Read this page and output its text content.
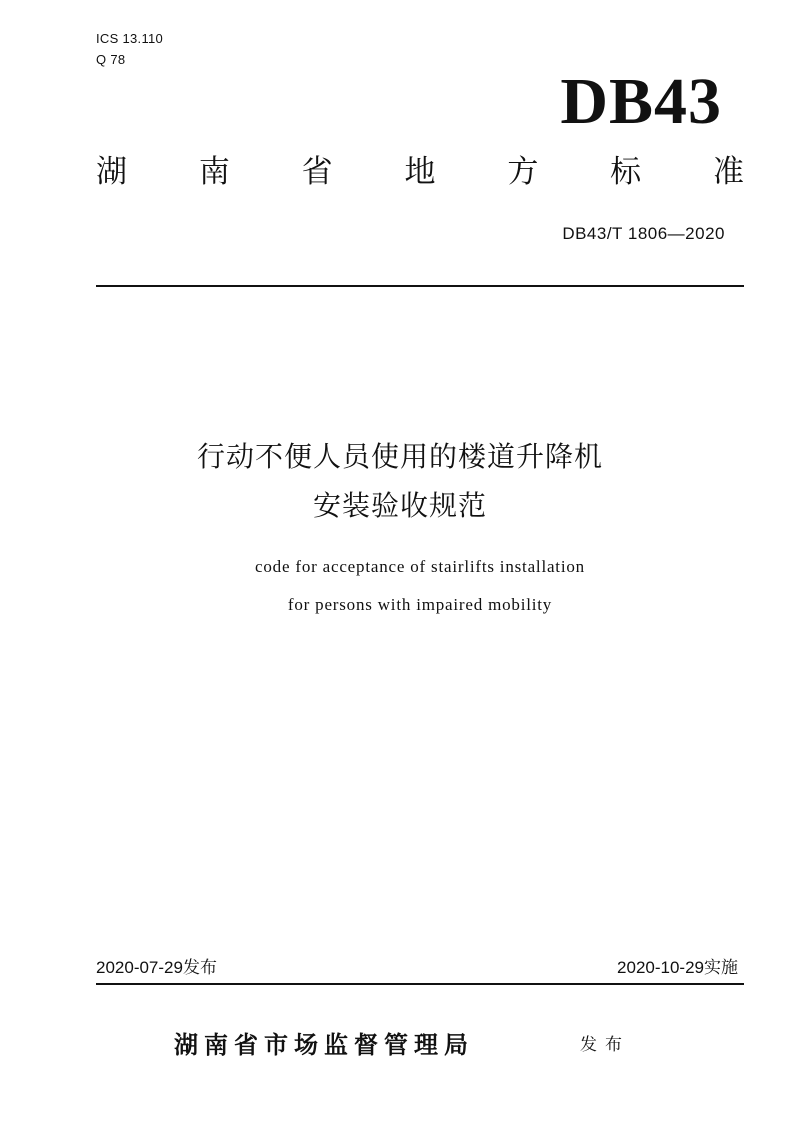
ICS 13.110
Q 78
DB43
湖 南 省 地 方 标 准
DB43/T 1806—2020
行动不便人员使用的楼道升降机
安装验收规范
code for acceptance of stairlifts installation
for persons with impaired mobility
2020-07-29发布	2020-10-29实施
湖南省市场监督管理局	发布
